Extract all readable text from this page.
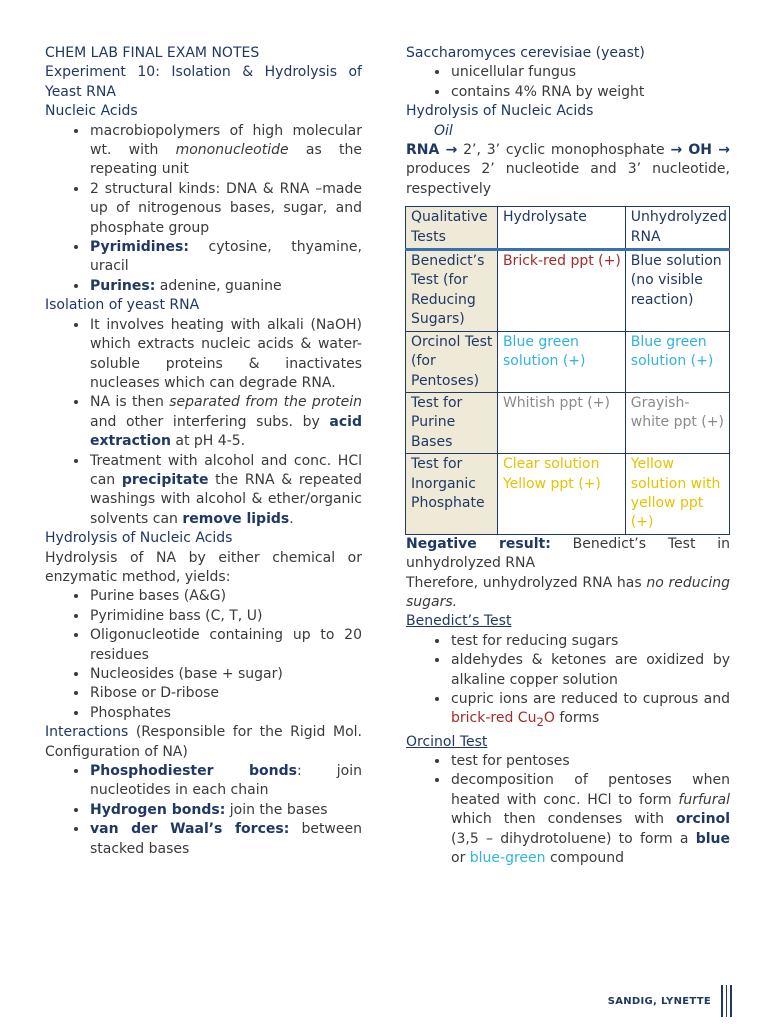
CHEM LAB FINAL EXAM NOTES

Experiment 10: Isolation & Hydrolysis of Yeast RNA

Nucleic Acids

• macrobiopolymers of high molecular wt. with mononucleotide as the repeating unit
• 2 structural kinds: DNA & RNA –made up of nitrogenous bases, sugar, and phosphate group
• Pyrimidines: cytosine, thyamine, uracil
• Purines: adenine, guanine

Isolation of yeast RNA

• It involves heating with alkali (NaOH) which extracts nucleic acids & water-soluble proteins & inactivates nucleases which can degrade RNA.
• NA is then separated from the protein and other interfering subs. by acid extraction at pH 4-5.
• Treatment with alcohol and conc. HCl can precipitate the RNA & repeated washings with alcohol & ether/organic solvents can remove lipids.

Hydrolysis of Nucleic Acids

Hydrolysis of NA by either chemical or enzymatic method, yields:

• Purine bases (A&G)
• Pyrimidine bass (C, T, U)
• Oligonucleotide containing up to 20 residues
• Nucleosides (base + sugar)
• Ribose or D-ribose
• Phosphates

Interactions (Responsible for the Rigid Mol. Configuration of NA)

• Phosphodiester bonds: join nucleotides in each chain
• Hydrogen bonds: join the bases
• van der Waal’s forces: between stacked bases

Saccharomyces cerevisiae (yeast)

• unicellular fungus
• contains 4% RNA by weight

Hydrolysis of Nucleic Acids

Oil

RNA → 2’, 3’ cyclic monophosphate → OH → produces 2’ nucleotide and 3’ nucleotide, respectively

Qualitative Tests	Hydrolysate	Unhydrolyzed RNA
Benedict’s Test (for Reducing Sugars)	Brick-red ppt (+)	Blue solution (no visible reaction)
Orcinol Test (for Pentoses)	Blue green solution (+)	Blue green solution (+)
Test for Purine Bases	Whitish ppt (+)	Grayish-white ppt (+)
Test for Inorganic Phosphate	Clear solution Yellow ppt (+)	Yellow solution with yellow ppt (+)

Negative result: Benedict’s Test in unhydrolyzed RNA

Therefore, unhydrolyzed RNA has no reducing sugars.

Benedict’s Test

• test for reducing sugars
• aldehydes & ketones are oxidized by alkaline copper solution
• cupric ions are reduced to cuprous and brick-red $Cu_2O$ forms

Orcinol Test

• test for pentoses
• decomposition of pentoses when heated with conc. HCl to form furfural which then condenses with orcinol (3,5 – dihydrotoluene) to form a blue or blue-green compound
SANDIG, LYNETTE
